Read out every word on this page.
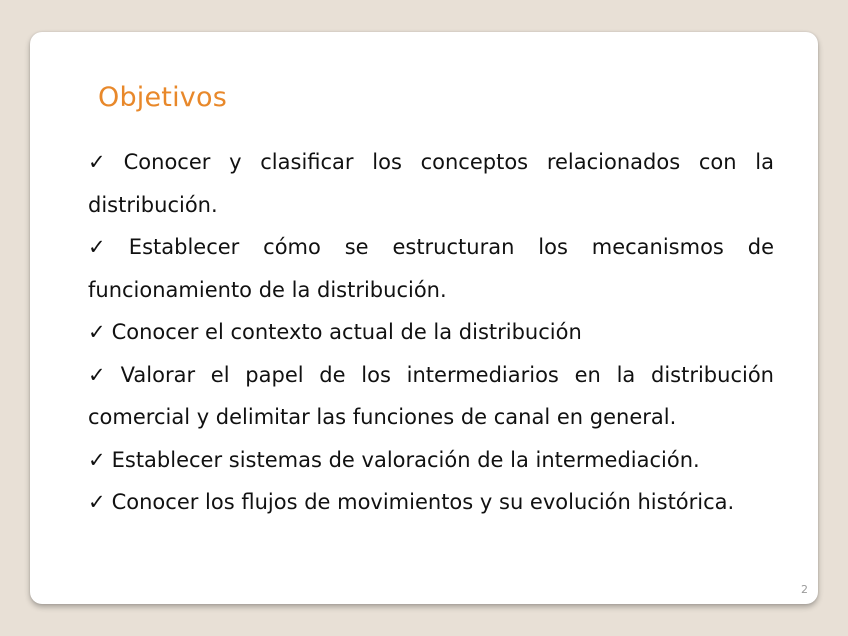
Objetivos
✓ Conocer y clasificar los conceptos relacionados con la distribución.
✓ Establecer cómo se estructuran los mecanismos de funcionamiento de la distribución.
✓ Conocer el contexto actual de la distribución
✓ Valorar el papel de los intermediarios en la distribución comercial y delimitar las funciones de canal en general.
✓ Establecer sistemas de valoración de la intermediación.
✓ Conocer los flujos de movimientos y su evolución histórica.
2
